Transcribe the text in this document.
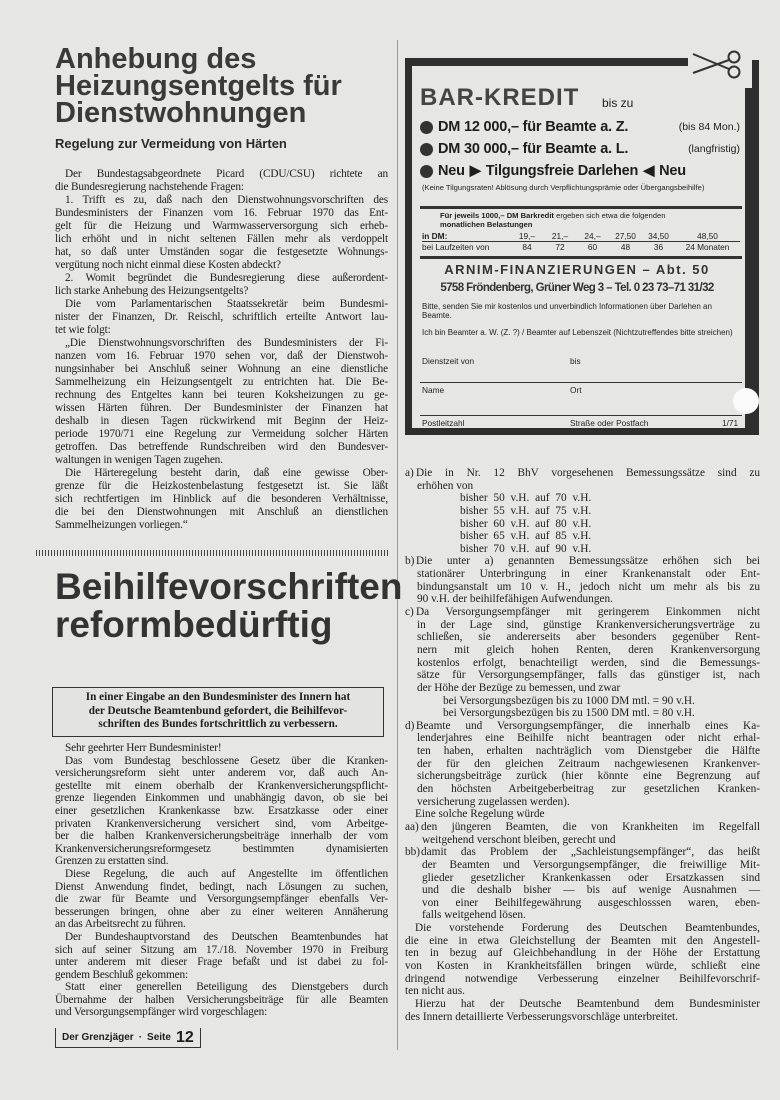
Anhebung des Heizungsentgelts für Dienstwohnungen
Regelung zur Vermeidung von Härten
Der Bundestagsabgeordnete Picard (CDU/CSU) richtete an
die Bundesregierung nachstehende Fragen:
1. Trifft es zu, daß nach den Dienstwohnungsvorschriften des
Bundesministers der Finanzen vom 16. Februar 1970 das Ent-
gelt für die Heizung und Warmwasserversorgung sich erheb-
lich erhöht und in nicht seltenen Fällen mehr als verdoppelt
hat, so daß unter Umständen sogar die festgesetzte Wohnungs-
vergütung noch nicht einmal diese Kosten abdeckt?
2. Womit begründet die Bundesregierung diese außerordent-
lich starke Anhebung des Heizungsentgelts?
Die vom Parlamentarischen Staatssekretär beim Bundesmi-
nister der Finanzen, Dr. Reischl, schriftlich erteilte Antwort lau-
tet wie folgt:
„Die Dienstwohnungsvorschriften des Bundesministers der Fi-
nanzen vom 16. Februar 1970 sehen vor, daß der Dienstwoh-
nungsinhaber bei Anschluß seiner Wohnung an eine dienstliche
Sammelheizung ein Heizungsentgelt zu entrichten hat. Die Be-
rechnung des Entgeltes kann bei teuren Koksheizungen zu ge-
wissen Härten führen. Der Bundesminister der Finanzen hat
deshalb in diesen Tagen rückwirkend mit Beginn der Heiz-
periode 1970/71 eine Regelung zur Vermeidung solcher Härten
getroffen. Das betreffende Rundschreiben wird den Bundesver-
waltungen in wenigen Tagen zugehen.
Die Härteregelung besteht darin, daß eine gewisse Ober-
grenze für die Heizkostenbelastung festgesetzt ist. Sie läßt
sich rechtfertigen im Hinblick auf die besonderen Verhältnisse,
die bei den Dienstwohnungen mit Anschluß an dienstlichen
Sammelheizungen vorliegen.“
Beihilfevorschriften
reformbedürftig
In einer Eingabe an den Bundesminister des Innern hat
der Deutsche Beamtenbund gefordert, die Beihilfevor-
schriften des Bundes fortschrittlich zu verbessern.
Sehr geehrter Herr Bundesminister!
Das vom Bundestag beschlossene Gesetz über die Kranken-
versicherungsreform sieht unter anderem vor, daß auch An-
gestellte mit einem oberhalb der Krankenversicherungspflicht-
grenze liegenden Einkommen und unabhängig davon, ob sie bei
einer gesetzlichen Krankenkasse bzw. Ersatzkasse oder einer
privaten Krankenversicherung versichert sind, vom Arbeitge-
ber die halben Krankenversicherungsbeiträge innerhalb der vom
Krankenversicherungsreformgesetz bestimmten dynamisierten
Grenzen zu erstatten sind.
Diese Regelung, die auch auf Angestellte im öffentlichen
Dienst Anwendung findet, bedingt, nach Lösungen zu suchen,
die zwar für Beamte und Versorgungsempfänger ebenfalls Ver-
besserungen bringen, ohne aber zu einer weiteren Annäherung
an das Arbeitsrecht zu führen.
Der Bundeshauptvorstand des Deutschen Beamtenbundes hat
sich auf seiner Sitzung am 17./18. November 1970 in Freiburg
unter anderem mit dieser Frage befaßt und ist dabei zu fol-
gendem Beschluß gekommen:
Statt einer generellen Beteiligung des Dienstgebers durch
Übernahme der halben Versicherungsbeiträge für alle Beamten
und Versorgungsempfänger wird vorgeschlagen:
Der Grenzjäger · Seite 12
BAR-KREDIT bis zu
DM 12 000,– für Beamte a. Z.	(bis 84 Mon.)
DM 30 000,– für Beamte a. L.	(langfristig)
Neu ▶ Tilgungsfreie Darlehen ◀ Neu
(Keine Tilgungsraten! Ablösung durch Verpflichtungsprämie oder Übergangsbeihilfe)
Für jeweils 1000,– DM Barkredit ergeben sich etwa die folgenden
monatlichen Belastungen
in DM:	19,–	21,–	24,–	27,50	34,50	48,50
bei Laufzeiten von	84	72	60	48	36	24 Monaten
ARNIM-FINANZIERUNGEN – Abt. 50
5758 Fröndenberg, Grüner Weg 3 – Tel. 0 23 73–71 31/32
Bitte, senden Sie mir kostenlos und unverbindlich Informationen über Darlehen an Beamte.
Ich bin Beamter a. W. (Z. ?) / Beamter auf Lebenszeit (Nichtzutreffendes bitte streichen)
Dienstzeit von	bis
Name	Ort
Postleitzahl	Straße oder Postfach	1/71
a) Die in Nr. 12 BhV vorgesehenen Bemessungssätze sind zu
erhöhen von
bisher 50 v.H. auf 70 v.H.
bisher 55 v.H. auf 75 v.H.
bisher 60 v.H. auf 80 v.H.
bisher 65 v.H. auf 85 v.H.
bisher 70 v.H. auf 90 v.H.
b) Die unter a) genannten Bemessungssätze erhöhen sich bei
stationärer Unterbringung in einer Krankenanstalt oder Ent-
bindungsanstalt um 10 v. H., jedoch nicht um mehr als bis zu
90 v.H. der beihilfefähigen Aufwendungen.
c) Da Versorgungsempfänger mit geringerem Einkommen nicht
in der Lage sind, günstige Krankenversicherungsverträge zu
schließen, sie andererseits aber besonders gegenüber Rent-
nern mit gleich hohen Renten, deren Krankenversorgung
kostenlos erfolgt, benachteiligt werden, sind die Bemessungs-
sätze für Versorgungsempfänger, falls das günstiger ist, nach
der Höhe der Bezüge zu bemessen, und zwar
bei Versorgungsbezügen bis zu 1000 DM mtl. = 90 v.H.
bei Versorgungsbezügen bis zu 1500 DM mtl. = 80 v.H.
d) Beamte und Versorgungsempfänger, die innerhalb eines Ka-
lenderjahres eine Beihilfe nicht beantragen oder nicht erhal-
ten haben, erhalten nachträglich vom Dienstgeber die Hälfte
der für den gleichen Zeitraum nachgewiesenen Krankenver-
sicherungsbeiträge zurück (hier könnte eine Begrenzung auf
den höchsten Arbeitgeberbeitrag zur gesetzlichen Kranken-
versicherung zugelassen werden).
Eine solche Regelung würde
aa) den jüngeren Beamten, die von Krankheiten im Regelfall
weitgehend verschont bleiben, gerecht und
bb) damit das Problem der „Sachleistungsempfänger“, das heißt
der Beamten und Versorgungsempfänger, die freiwillige Mit-
glieder gesetzlicher Krankenkassen oder Ersatzkassen sind
und die deshalb bisher — bis auf wenige Ausnahmen —
von einer Beihilfegewährung ausgeschlosssen waren, eben-
falls weitgehend lösen.
Die vorstehende Forderung des Deutschen Beamtenbundes,
die eine in etwa Gleichstellung der Beamten mit den Angestell-
ten in bezug auf Gleichbehandlung in der Höhe der Erstattung
von Kosten in Krankheitsfällen bringen würde, schließt eine
dringend notwendige Verbesserung einzelner Beihilfevorschrif-
ten nicht aus.
Hierzu hat der Deutsche Beamtenbund dem Bundesminister
des Innern detaillierte Verbesserungsvorschläge unterbreitet.
